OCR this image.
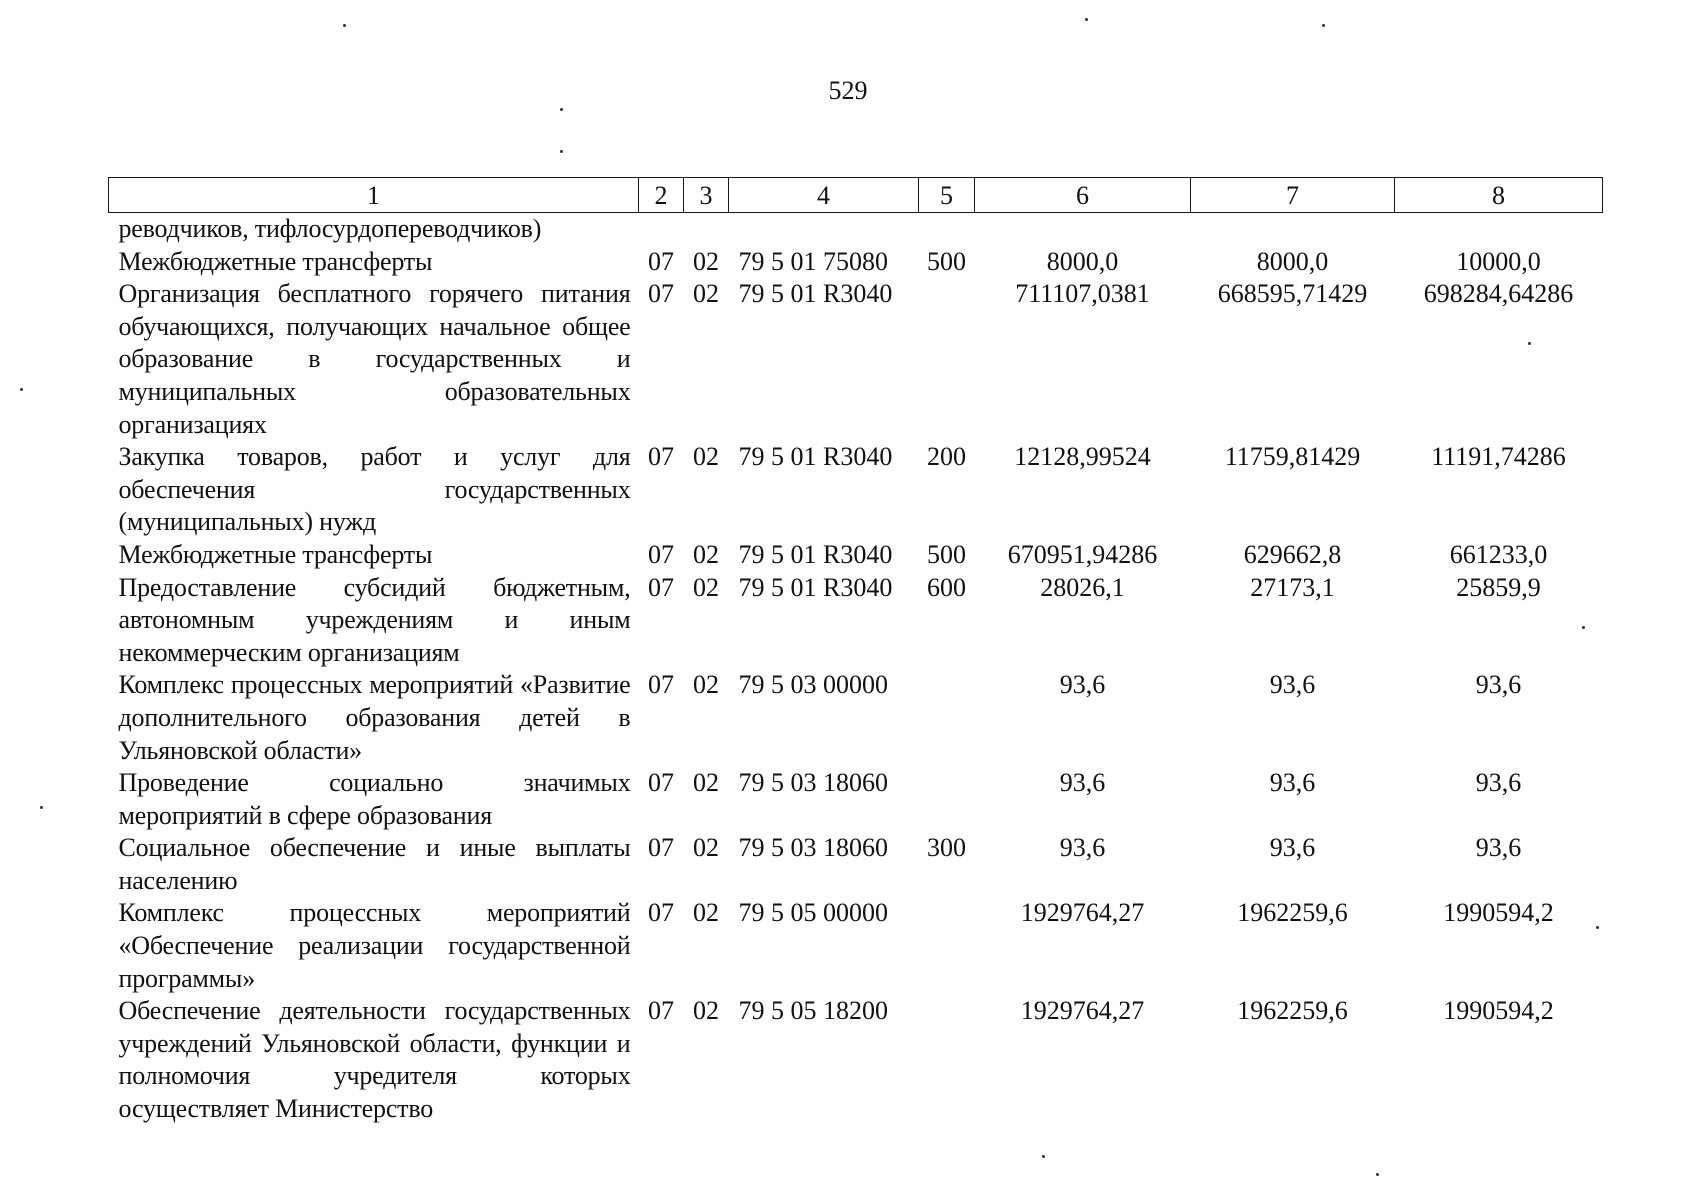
529
1	2	3	4	5	6	7	8
реводчиков, тифлосурдопереводчиков)							
Межбюджетные трансферты	07	02	79 5 01 75080	500	8000,0	8000,0	10000,0
Организация бесплатного горячего питания обучающихся, получающих начальное общее образование в государственных и муниципальных образовательных организациях	07	02	79 5 01 R3040		711107,0381	668595,71429	698284,64286
Закупка товаров, работ и услуг для обеспечения государственных (муниципальных) нужд	07	02	79 5 01 R3040	200	12128,99524	11759,81429	11191,74286
Межбюджетные трансферты	07	02	79 5 01 R3040	500	670951,94286	629662,8	661233,0
Предоставление субсидий бюджетным, автономным учреждениям и иным некоммерческим организациям	07	02	79 5 01 R3040	600	28026,1	27173,1	25859,9
Комплекс процессных мероприятий «Развитие дополнительного образования детей в Ульяновской области»	07	02	79 5 03 00000		93,6	93,6	93,6
Проведение социально значимых мероприятий в сфере образования	07	02	79 5 03 18060		93,6	93,6	93,6
Социальное обеспечение и иные выплаты населению	07	02	79 5 03 18060	300	93,6	93,6	93,6
Комплекс процессных мероприятий «Обеспечение реализации государственной программы»	07	02	79 5 05 00000		1929764,27	1962259,6	1990594,2
Обеспечение деятельности государственных учреждений Ульяновской области, функции и полномочия учредителя которых осуществляет Министерство	07	02	79 5 05 18200		1929764,27	1962259,6	1990594,2
